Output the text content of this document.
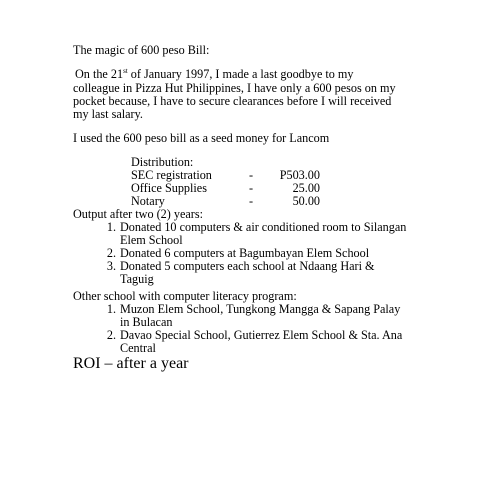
The magic of 600 peso Bill:
On the 21st of January 1997, I made a last goodbye to my
colleague in Pizza Hut Philippines, I have only a 600 pesos on my
pocket because, I have to secure clearances before I will received
my last salary.
I used the 600 peso bill as a seed money for Lancom
Distribution:
SEC registration	-	P503.00
Office Supplies	-	25.00
Notary	-	50.00
Output after two (2) years:
1. Donated 10 computers & air conditioned room to Silangan
Elem School
2. Donated 6 computers at Bagumbayan Elem School
3. Donated 5 computers each school at Ndaang Hari &
Taguig
Other school with computer literacy program:
1. Muzon Elem School, Tungkong Mangga & Sapang Palay
in Bulacan
2. Davao Special School, Gutierrez Elem School & Sta. Ana
Central
ROI – after a year
